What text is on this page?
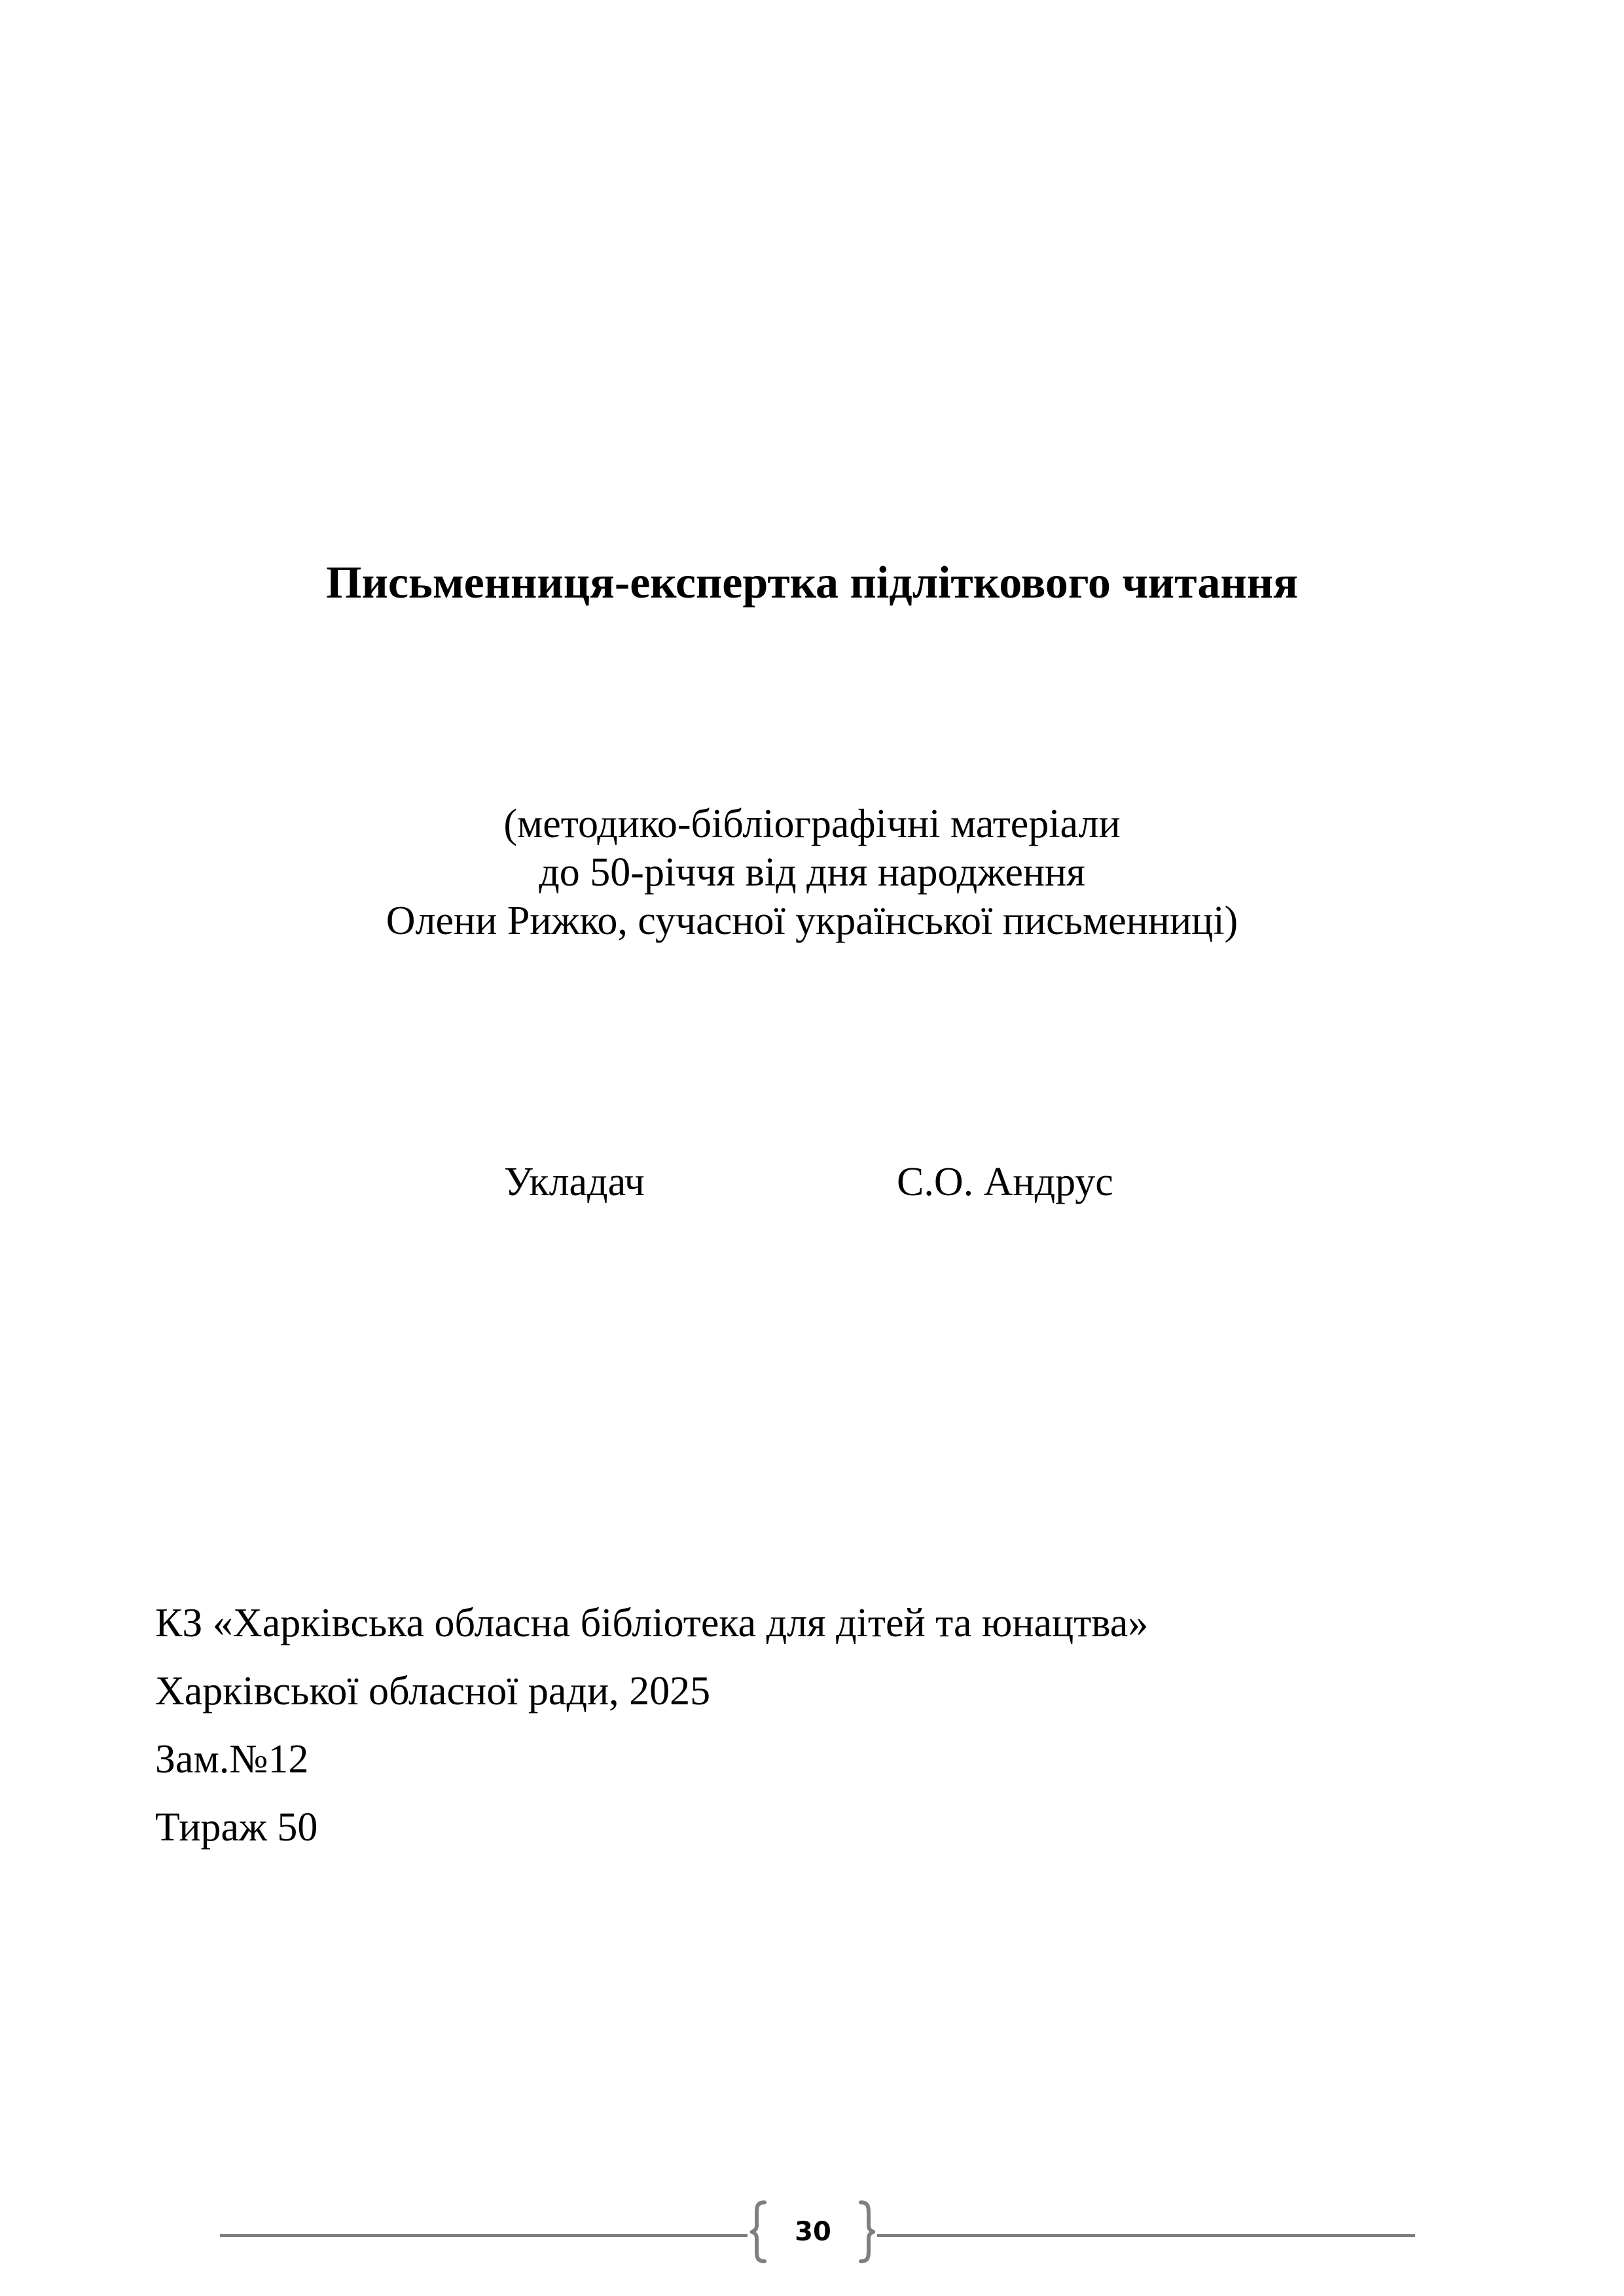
Письменниця-експертка підліткового читання
(методико-бібліографічні матеріали
до 50-річчя від дня народження
Олени Рижко, сучасної української письменниці)
Укладач	С.О. Андрус
КЗ «Харківська обласна бібліотека для дітей та юнацтва»
Харківської обласної ради, 2025
Зам.№12
Тираж 50
30
